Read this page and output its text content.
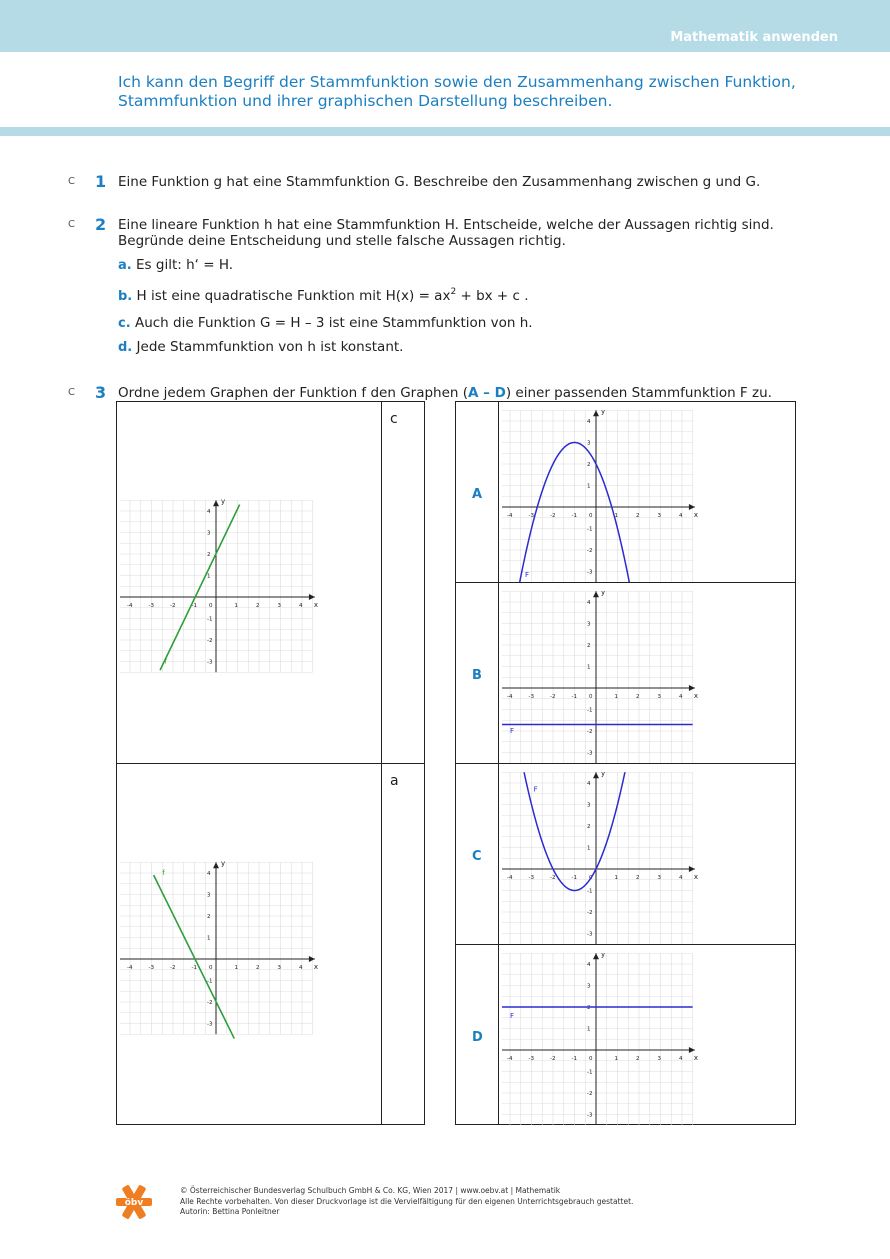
Mathematik anwenden
Ich kann den Begriff der Stammfunktion sowie den Zusammenhang zwischen Funktion,
Stammfunktion und ihrer graphischen Darstellung beschreiben.
C 1 Eine Funktion g hat eine Stammfunktion G. Beschreibe den Zusammenhang zwischen g und G.
C 2 Eine lineare Funktion h hat eine Stammfunktion H. Entscheide, welche der Aussagen richtig sind.
Begründe deine Entscheidung und stelle falsche Aussagen richtig.
a. Es gilt: h‘ = H.
b. H ist eine quadratische Funktion mit $H(x) = ax^2$ + bx + c .
c. Auch die Funktion G = H – 3 ist eine Stammfunktion von h.
d. Jede Stammfunktion von h ist konstant.
C 3 Ordne jedem Graphen der Funktion f den Graphen (A – D) einer passenden Stammfunktion F zu.
c
a
A
B
C
D
x
y
-4	-3	-2	-1 0	1	2	3	4
4
3
2
1
-1
-2
-3
f
x
y
-4	-3	-2	-1 0	1	2	3	4
4
3
2
1
-1
-2
-3
f
x
y
-4	-3	-2	-1 0	1	2	3	4
4
3
2
1
-1
-2
-3
F
x
y
-4	-3	-2	-1 0	1	2	3	4
4
3
2
1
-1
-2
-3
F
x
y
-4	-3	-2	-1 0	1	2	3	4
4
3
2
1
-1
-2
-3
F
x
y
-4	-3	-2	-1 0	1	2	3	4
4
3
2
1
-1
-2
-3
F
öbv
© Österreichischer Bundesverlag Schulbuch GmbH & Co. KG, Wien 2017 | www.oebv.at | Mathematik
Alle Rechte vorbehalten. Von dieser Druckvorlage ist die Vervielfältigung für den eigenen Unterrichtsgebrauch gestattet.
Autorin: Bettina Ponleitner
